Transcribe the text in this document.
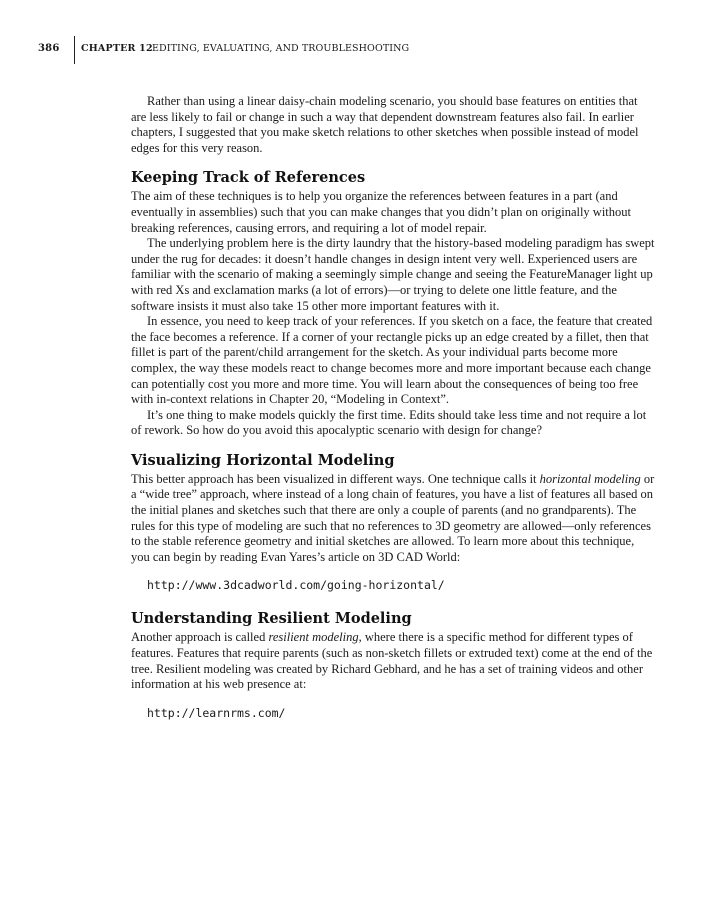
386 CHAPTER 12 EDITING, EVALUATING, AND TROUBLESHOOTING

Rather than using a linear daisy-chain modeling scenario, you should base features on entities that are less likely to fail or change in such a way that dependent downstream features also fail. In earlier chapters, I suggested that you make sketch relations to other sketches when possible instead of model edges for this very reason.

Keeping Track of References

The aim of these techniques is to help you organize the references between features in a part (and eventually in assemblies) such that you can make changes that you didn’t plan on originally without breaking references, causing errors, and requiring a lot of model repair.

The underlying problem here is the dirty laundry that the history-based modeling paradigm has swept under the rug for decades: it doesn’t handle changes in design intent very well. Experienced users are familiar with the scenario of making a seemingly simple change and seeing the FeatureManager light up with red Xs and exclamation marks (a lot of errors)—or trying to delete one little feature, and the software insists it must also take 15 other more important features with it.

In essence, you need to keep track of your references. If you sketch on a face, the feature that created the face becomes a reference. If a corner of your rectangle picks up an edge created by a fillet, then that fillet is part of the parent/child arrangement for the sketch. As your individual parts become more complex, the way these models react to change becomes more and more important because each change can potentially cost you more and more time. You will learn about the consequences of being too free with in-context relations in Chapter 20, “Modeling in Context”.

It’s one thing to make models quickly the first time. Edits should take less time and not require a lot of rework. So how do you avoid this apocalyptic scenario with design for change?

Visualizing Horizontal Modeling

This better approach has been visualized in different ways. One technique calls it horizontal modeling or a “wide tree” approach, where instead of a long chain of features, you have a list of features all based on the initial planes and sketches such that there are only a couple of parents (and no grandparents). The rules for this type of modeling are such that no references to 3D geometry are allowed—only references to the stable reference geometry and initial sketches are allowed. To learn more about this technique, you can begin by reading Evan Yares’s article on 3D CAD World:

http://www.3dcadworld.com/going-horizontal/
Understanding Resilient Modeling

Another approach is called resilient modeling, where there is a specific method for different types of features. Features that require parents (such as non-sketch fillets or extruded text) come at the end of the tree. Resilient modeling was created by Richard Gebhard, and he has a set of training videos and other information at his web presence at:

http://learnrms.com/
